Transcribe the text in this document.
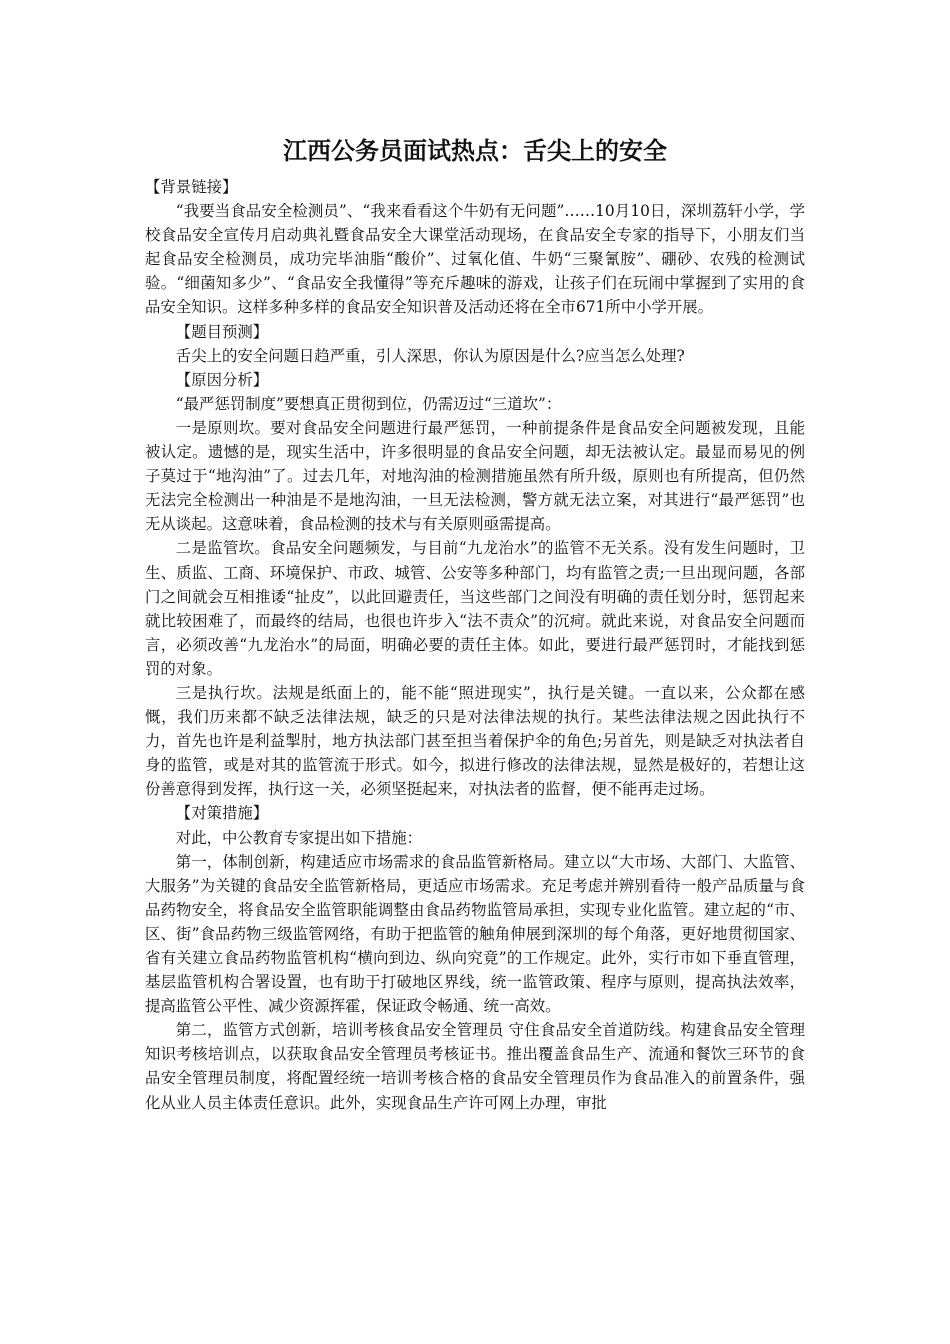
江西公务员面试热点：舌尖上的安全

【背景链接】

“我要当食品安全检测员”、“我来看看这个牛奶有无问题”……10月10日，深圳荔轩小学，学校食品安全宣传月启动典礼暨食品安全大课堂活动现场，在食品安全专家的指导下，小朋友们当起食品安全检测员，成功完毕油脂“酸价”、过氧化值、牛奶“三聚氰胺”、硼砂、农残的检测试验。“细菌知多少”、“食品安全我懂得”等充斥趣味的游戏，让孩子们在玩闹中掌握到了实用的食品安全知识。这样多种多样的食品安全知识普及活动还将在全市671所中小学开展。

【题目预测】

舌尖上的安全问题日趋严重，引人深思，你认为原因是什么?应当怎么处理?

【原因分析】

“最严惩罚制度”要想真正贯彻到位，仍需迈过“三道坎”：

一是原则坎。要对食品安全问题进行最严惩罚，一种前提条件是食品安全问题被发现，且能被认定。遗憾的是，现实生活中，许多很明显的食品安全问题，却无法被认定。最显而易见的例子莫过于“地沟油”了。过去几年，对地沟油的检测措施虽然有所升级，原则也有所提高，但仍然无法完全检测出一种油是不是地沟油，一旦无法检测，警方就无法立案，对其进行“最严惩罚”也无从谈起。这意味着，食品检测的技术与有关原则亟需提高。

二是监管坎。食品安全问题频发，与目前“九龙治水”的监管不无关系。没有发生问题时，卫生、质监、工商、环境保护、市政、城管、公安等多种部门，均有监管之责;一旦出现问题，各部门之间就会互相推诿“扯皮”，以此回避责任，当这些部门之间没有明确的责任划分时，惩罚起来就比较困难了，而最终的结局，也很也许步入“法不责众”的沉疴。就此来说，对食品安全问题而言，必须改善“九龙治水”的局面，明确必要的责任主体。如此，要进行最严惩罚时，才能找到惩罚的对象。

三是执行坎。法规是纸面上的，能不能“照进现实”，执行是关键。一直以来，公众都在感慨，我们历来都不缺乏法律法规，缺乏的只是对法律法规的执行。某些法律法规之因此执行不力，首先也许是利益掣肘，地方执法部门甚至担当着保护伞的角色;另首先，则是缺乏对执法者自身的监管，或是对其的监管流于形式。如今，拟进行修改的法律法规，显然是极好的，若想让这份善意得到发挥，执行这一关，必须坚挺起来，对执法者的监督，便不能再走过场。

【对策措施】

对此，中公教育专家提出如下措施：

第一，体制创新，构建适应市场需求的食品监管新格局。建立以“大市场、大部门、大监管、大服务”为关键的食品安全监管新格局，更适应市场需求。充足考虑并辨别看待一般产品质量与食品药物安全，将食品安全监管职能调整由食品药物监管局承担，实现专业化监管。建立起的“市、区、街”食品药物三级监管网络，有助于把监管的触角伸展到深圳的每个角落，更好地贯彻国家、省有关建立食品药物监管机构“横向到边、纵向究竟”的工作规定。此外，实行市如下垂直管理，基层监管机构合署设置，也有助于打破地区界线，统一监管政策、程序与原则，提高执法效率，提高监管公平性、减少资源挥霍，保证政令畅通、统一高效。

第二，监管方式创新，培训考核食品安全管理员 守住食品安全首道防线。构建食品安全管理知识考核培训点，以获取食品安全管理员考核证书。推出覆盖食品生产、流通和餐饮三环节的食品安全管理员制度，将配置经统一培训考核合格的食品安全管理员作为食品准入的前置条件，强化从业人员主体责任意识。此外，实现食品生产许可网上办理，审批
